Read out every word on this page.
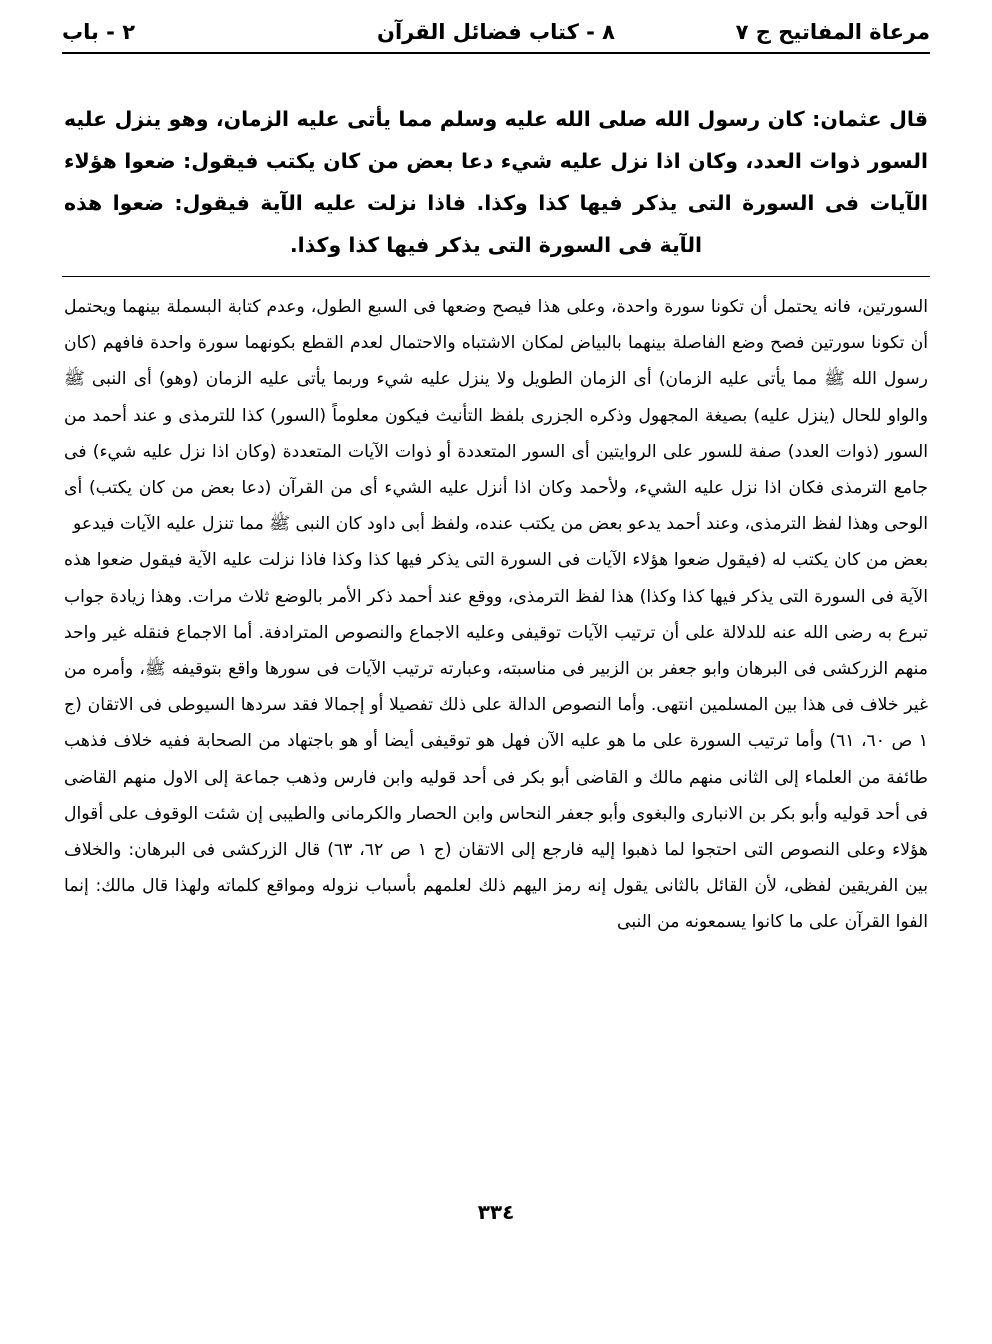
مرعاة المفاتيح ج ٧
٨ - كتاب فضائل القرآن
٢ - باب
قال عثمان: كان رسول الله صلى الله عليه وسلم مما يأتى عليه الزمان، وهو ينزل عليه السور ذوات العدد، وكان اذا نزل عليه شيء دعا بعض من كان يكتب فيقول: ضعوا هؤلاء الآيات فى السورة التى يذكر فيها كذا وكذا. فاذا نزلت عليه الآية فيقول: ضعوا هذه الآية فى السورة التى يذكر فيها كذا وكذا.

السورتين، فانه يحتمل أن تكونا سورة واحدة، وعلى هذا فيصح وضعها فى السبع الطول، وعدم كتابة البسملة بينهما ويحتمل أن تكونا سورتين فصح وضع الفاصلة بينهما بالبياض لمكان الاشتباه والاحتمال لعدم القطع بكونهما سورة واحدة فافهم (كان رسول الله ﷺ مما يأتى عليه الزمان) أى الزمان الطويل ولا ينزل عليه شيء وربما يأتى عليه الزمان (وهو) أى النبى ﷺ والواو للحال (ينزل عليه) بصيغة المجهول وذكره الجزرى بلفظ التأنيث فيكون معلوماً (السور) كذا للترمذى و عند أحمد من السور (ذوات العدد) صفة للسور على الروايتين أى السور المتعددة أو ذوات الآيات المتعددة (وكان اذا نزل عليه شيء) فى جامع الترمذى فكان اذا نزل عليه الشيء، ولأحمد وكان اذا أنزل عليه الشيء أى من القرآن (دعا بعض من كان يكتب) أى الوحى وهذا لفظ الترمذى، وعند أحمد يدعو بعض من يكتب عنده، ولفظ أبى داود كان النبى ﷺ مما تنزل عليه الآيات فيدعو

بعض من كان يكتب له (فيقول ضعوا هؤلاء الآيات فى السورة التى يذكر فيها كذا وكذا فاذا نزلت عليه الآية فيقول ضعوا هذه الآية فى السورة التى يذكر فيها كذا وكذا) هذا لفظ الترمذى، ووقع عند أحمد ذكر الأمر بالوضع ثلاث مرات. وهذا زيادة جواب تبرع به رضى الله عنه للدلالة على أن ترتيب الآيات توقيفى وعليه الاجماع والنصوص المترادفة. أما الاجماع فنقله غير واحد منهم الزركشى فى البرهان وابو جعفر بن الزبير فى مناسبته، وعبارته ترتيب الآيات فى سورها واقع بتوقيفه ﷺ، وأمره من غير خلاف فى هذا بين المسلمين انتهى. وأما النصوص الدالة على ذلك تفصيلا أو إجمالا فقد سردها السيوطى فى الاتقان (ج ١ ص ٦٠، ٦١) وأما ترتيب السورة على ما هو عليه الآن فهل هو توقيفى أيضا أو هو باجتهاد من الصحابة ففيه خلاف فذهب طائفة من العلماء إلى الثانى منهم مالك و القاضى أبو بكر فى أحد قوليه وابن فارس وذهب جماعة إلى الاول منهم القاضى فى أحد قوليه وأبو بكر بن الانبارى والبغوى وأبو جعفر النحاس وابن الحصار والكرمانى والطيبى إن شئت الوقوف على أقوال هؤلاء وعلى النصوص التى احتجوا لما ذهبوا إليه فارجع إلى الاتقان (ج ١ ص ٦٢، ٦٣) قال الزركشى فى البرهان: والخلاف بين الفريقين لفظى، لأن القائل بالثانى يقول إنه رمز اليهم ذلك لعلمهم بأسباب نزوله ومواقع كلماته ولهذا قال مالك: إنما الفوا القرآن على ما كانوا يسمعونه من النبى

٣٣٤
